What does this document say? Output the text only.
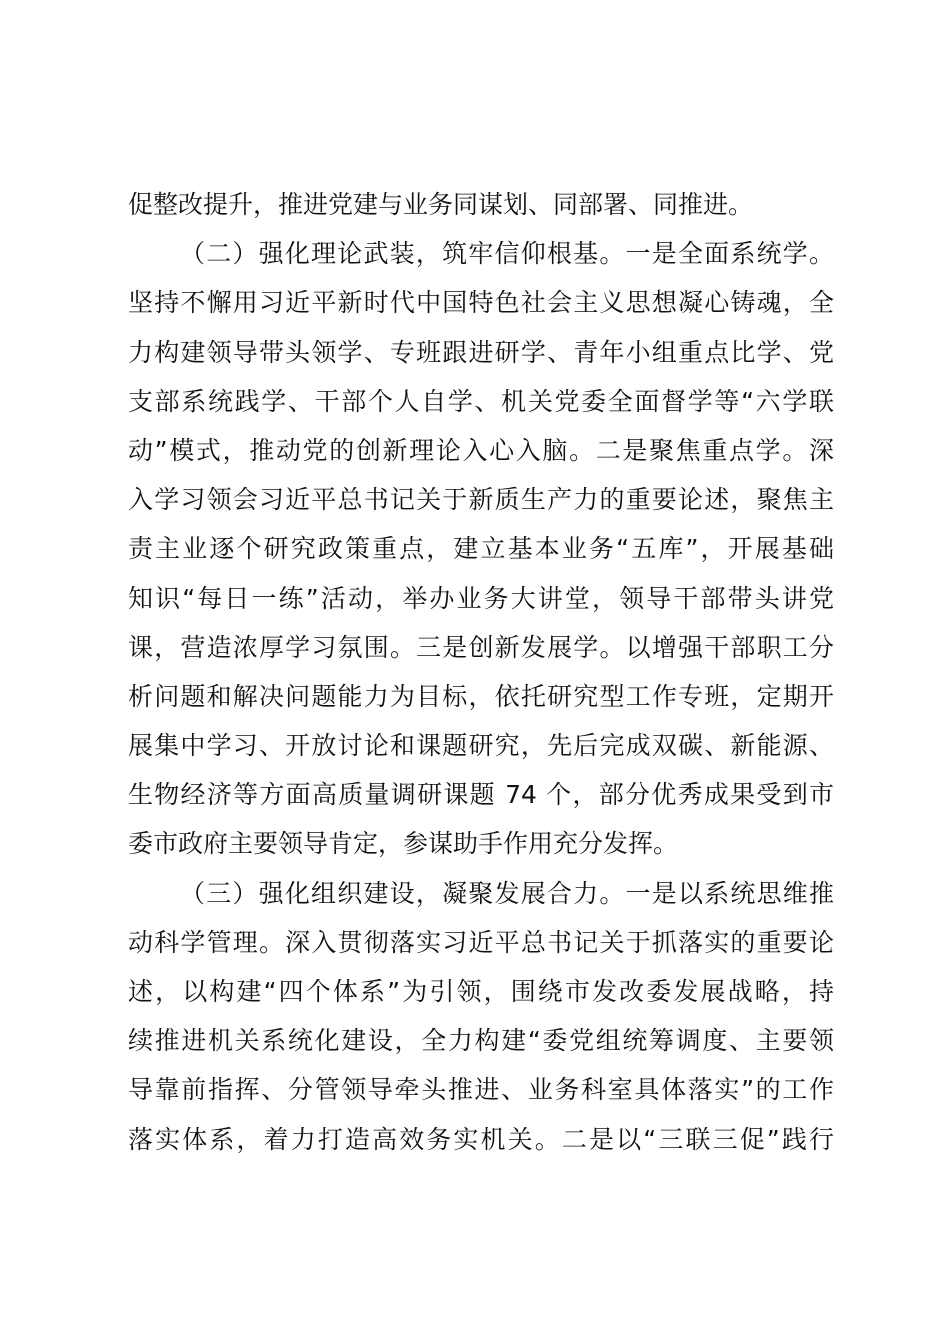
促整改提升，推进党建与业务同谋划、同部署、同推进。
（二）强化理论武装，筑牢信仰根基。一是全面系统学。
坚持不懈用习近平新时代中国特色社会主义思想凝心铸魂，全
力构建领导带头领学、专班跟进研学、青年小组重点比学、党
支部系统践学、干部个人自学、机关党委全面督学等“六学联
动”模式，推动党的创新理论入心入脑。二是聚焦重点学。深
入学习领会习近平总书记关于新质生产力的重要论述，聚焦主
责主业逐个研究政策重点，建立基本业务“五库”，开展基础
知识“每日一练”活动，举办业务大讲堂，领导干部带头讲党
课，营造浓厚学习氛围。三是创新发展学。以增强干部职工分
析问题和解决问题能力为目标，依托研究型工作专班，定期开
展集中学习、开放讨论和课题研究，先后完成双碳、新能源、
生物经济等方面高质量调研课题 74 个，部分优秀成果受到市
委市政府主要领导肯定，参谋助手作用充分发挥。
（三）强化组织建设，凝聚发展合力。一是以系统思维推
动科学管理。深入贯彻落实习近平总书记关于抓落实的重要论
述，以构建“四个体系”为引领，围绕市发改委发展战略，持
续推进机关系统化建设，全力构建“委党组统筹调度、主要领
导靠前指挥、分管领导牵头推进、业务科室具体落实”的工作
落实体系，着力打造高效务实机关。二是以“三联三促”践行
